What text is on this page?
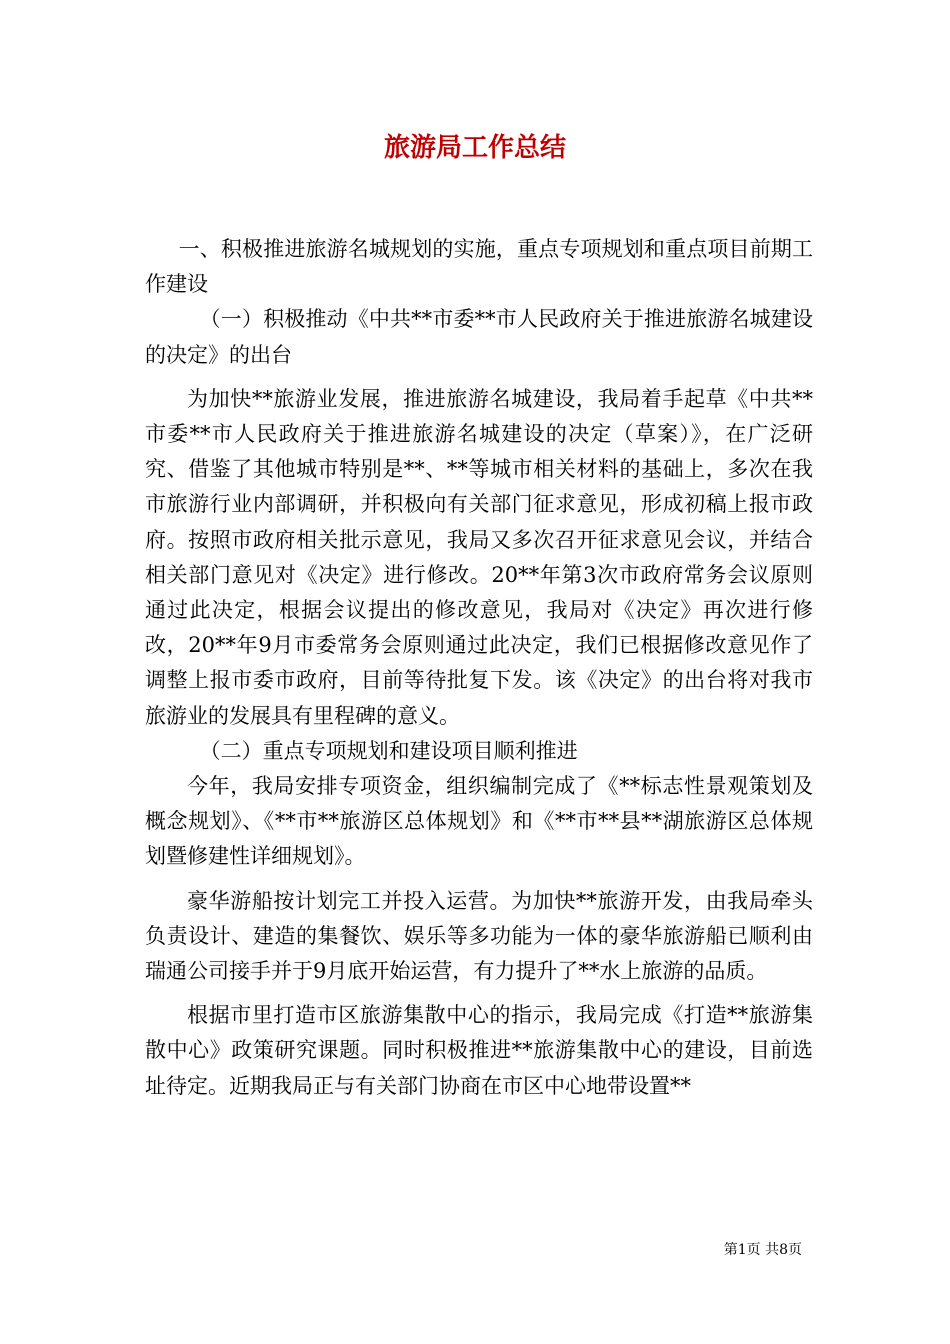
旅游局工作总结

一、积极推进旅游名城规划的实施，重点专项规划和重点项目前期工作建设

（一）积极推动《中共**市委**市人民政府关于推进旅游名城建设的决定》的出台

为加快**旅游业发展，推进旅游名城建设，我局着手起草《中共**市委**市人民政府关于推进旅游名城建设的决定（草案）》，在广泛研究、借鉴了其他城市特别是**、**等城市相关材料的基础上，多次在我市旅游行业内部调研，并积极向有关部门征求意见，形成初稿上报市政府。按照市政府相关批示意见，我局又多次召开征求意见会议，并结合相关部门意见对《决定》进行修改。20**年第3次市政府常务会议原则通过此决定，根据会议提出的修改意见，我局对《决定》再次进行修改，20**年9月市委常务会原则通过此决定，我们已根据修改意见作了调整上报市委市政府，目前等待批复下发。该《决定》的出台将对我市旅游业的发展具有里程碑的意义。

（二）重点专项规划和建设项目顺利推进

今年，我局安排专项资金，组织编制完成了《**标志性景观策划及概念规划》、《**市**旅游区总体规划》和《**市**县**湖旅游区总体规划暨修建性详细规划》。

豪华游船按计划完工并投入运营。为加快**旅游开发，由我局牵头负责设计、建造的集餐饮、娱乐等多功能为一体的豪华旅游船已顺利由瑞通公司接手并于9月底开始运营，有力提升了**水上旅游的品质。

根据市里打造市区旅游集散中心的指示，我局完成《打造**旅游集散中心》政策研究课题。同时积极推进**旅游集散中心的建设，目前选址待定。近期我局正与有关部门协商在市区中心地带设置**

第1页 共8页
